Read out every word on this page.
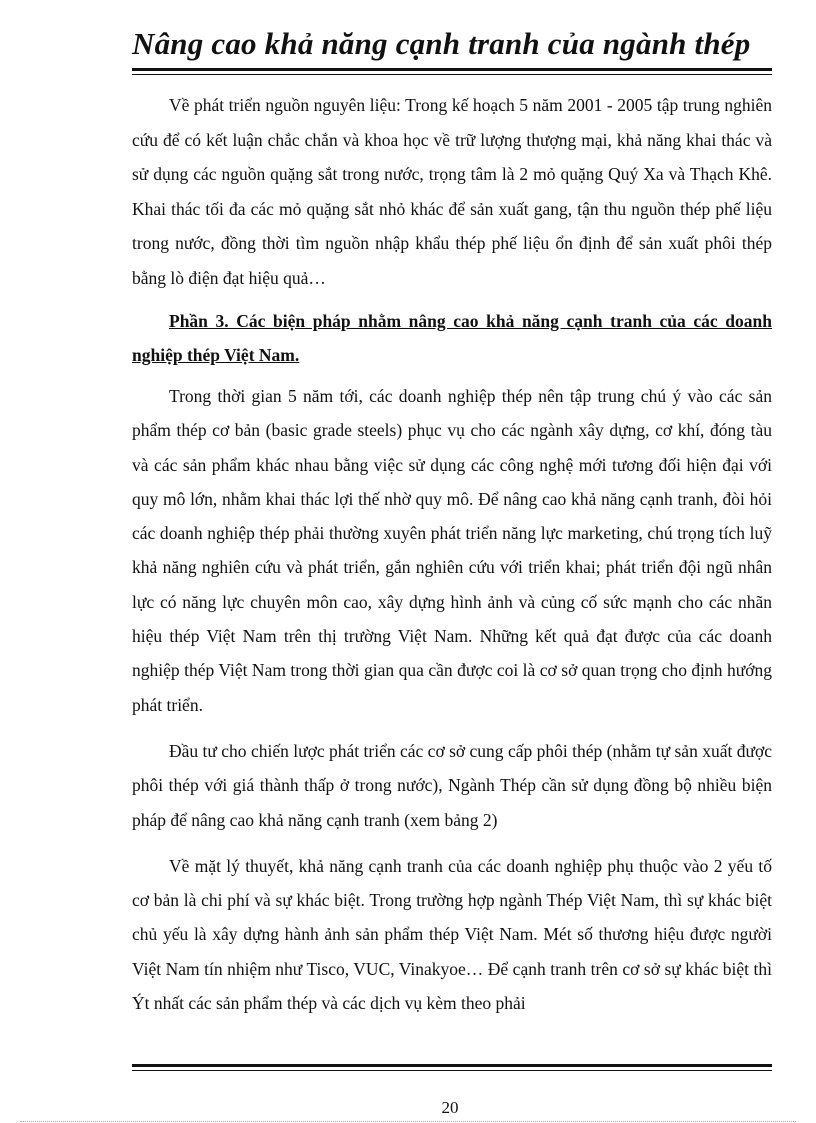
Nâng cao khả năng cạnh tranh của ngành thép

Về phát triển nguồn nguyên liệu: Trong kế hoạch 5 năm 2001 - 2005 tập trung nghiên cứu để có kết luận chắc chắn và khoa học về trữ lượng thượng mại, khả năng khai thác và sử dụng các nguồn quặng sắt trong nước, trọng tâm là 2 mỏ quặng Quý Xa và Thạch Khê. Khai thác tối đa các mỏ quặng sắt nhỏ khác để sản xuất gang, tận thu nguồn thép phế liệu trong nước, đồng thời tìm nguồn nhập khẩu thép phế liệu ổn định để sản xuất phôi thép bằng lò điện đạt hiệu quả…

Phần 3. Các biện pháp nhằm nâng cao khả năng cạnh tranh của các doanh nghiệp thép Việt Nam.

Trong thời gian 5 năm tới, các doanh nghiệp thép nên tập trung chú ý vào các sản phẩm thép cơ bản (basic grade steels) phục vụ cho các ngành xây dựng, cơ khí, đóng tàu và các sản phẩm khác nhau bằng việc sử dụng các công nghệ mới tương đối hiện đại với quy mô lớn, nhằm khai thác lợi thế nhờ quy mô. Để nâng cao khả năng cạnh tranh, đòi hỏi các doanh nghiệp thép phải thường xuyên phát triển năng lực marketing, chú trọng tích luỹ khả năng nghiên cứu và phát triển, gắn nghiên cứu với triển khai; phát triển đội ngũ nhân lực có năng lực chuyên môn cao, xây dựng hình ảnh và củng cố sức mạnh cho các nhãn hiệu thép Việt Nam trên thị trường Việt Nam. Những kết quả đạt được của các doanh nghiệp thép Việt Nam trong thời gian qua cần được coi là cơ sở quan trọng cho định hướng phát triển.

Đầu tư cho chiến lược phát triển các cơ sở cung cấp phôi thép (nhằm tự sản xuất được phôi thép với giá thành thấp ở trong nước), Ngành Thép cần sử dụng đồng bộ nhiều biện pháp để nâng cao khả năng cạnh tranh (xem bảng 2)

Về mặt lý thuyết, khả năng cạnh tranh của các doanh nghiệp phụ thuộc vào 2 yếu tố cơ bản là chi phí và sự khác biệt. Trong trường hợp ngành Thép Việt Nam, thì sự khác biệt chủ yếu là xây dựng hành ảnh sản phẩm thép Việt Nam. Mét số thương hiệu được người Việt Nam tín nhiệm như Tisco, VUC, Vinakyoe… Để cạnh tranh trên cơ sở sự khác biệt thì Ýt nhất các sản phẩm thép và các dịch vụ kèm theo phải

20
